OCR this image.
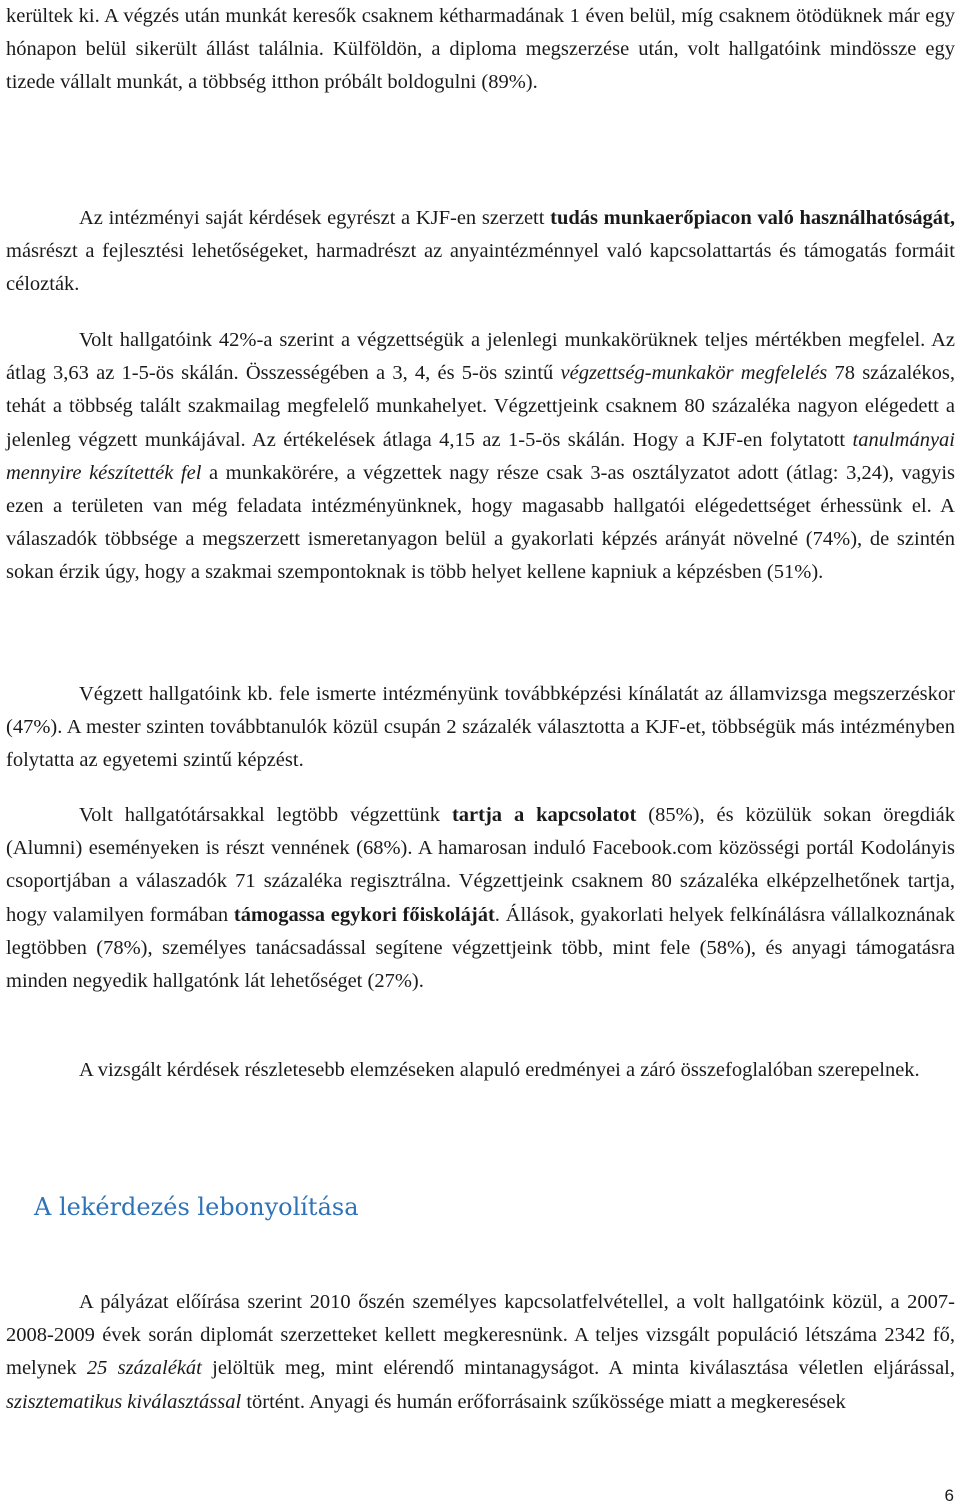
kerültek ki. A végzés után munkát keresők csaknem kétharmadának 1 éven belül, míg csaknem ötödüknek már egy hónapon belül sikerült állást találnia. Külföldön, a diploma megszerzése után, volt hallgatóink mindössze egy tizede vállalt munkát, a többség itthon próbált boldogulni (89%).

Az intézményi saját kérdések egyrészt a KJF-en szerzett tudás munkaerőpiacon való használhatóságát, másrészt a fejlesztési lehetőségeket, harmadrészt az anyaintézménnyel való kapcsolattartás és támogatás formáit célozták.

Volt hallgatóink 42%-a szerint a végzettségük a jelenlegi munkakörüknek teljes mértékben megfelel. Az átlag 3,63 az 1-5-ös skálán. Összességében a 3, 4, és 5-ös szintű végzettség-munkakör megfelelés 78 százalékos, tehát a többség talált szakmailag megfelelő munkahelyet. Végzettjeink csaknem 80 százaléka nagyon elégedett a jelenleg végzett munkájával. Az értékelések átlaga 4,15 az 1-5-ös skálán. Hogy a KJF-en folytatott tanulmányai mennyire készítették fel a munkakörére, a végzettek nagy része csak 3-as osztályzatot adott (átlag: 3,24), vagyis ezen a területen van még feladata intézményünknek, hogy magasabb hallgatói elégedettséget érhessünk el. A válaszadók többsége a megszerzett ismeretanyagon belül a gyakorlati képzés arányát növelné (74%), de szintén sokan érzik úgy, hogy a szakmai szempontoknak is több helyet kellene kapniuk a képzésben (51%).

Végzett hallgatóink kb. fele ismerte intézményünk továbbképzési kínálatát az államvizsga megszerzéskor (47%). A mester szinten továbbtanulók közül csupán 2 százalék választotta a KJF-et, többségük más intézményben folytatta az egyetemi szintű képzést.

Volt hallgatótársakkal legtöbb végzettünk tartja a kapcsolatot (85%), és közülük sokan öregdiák (Alumni) eseményeken is részt vennének (68%). A hamarosan induló Facebook.com közösségi portál Kodolányis csoportjában a válaszadók 71 százaléka regisztrálna. Végzettjeink csaknem 80 százaléka elképzelhetőnek tartja, hogy valamilyen formában támogassa egykori főiskoláját. Állások, gyakorlati helyek felkínálásra vállalkoznának legtöbben (78%), személyes tanácsadással segítene végzettjeink több, mint fele (58%), és anyagi támogatásra minden negyedik hallgatónk lát lehetőséget (27%).

A vizsgált kérdések részletesebb elemzéseken alapuló eredményei a záró összefoglalóban szerepelnek.

A lekérdezés lebonyolítása

A pályázat előírása szerint 2010 őszén személyes kapcsolatfelvétellel, a volt hallgatóink közül, a 2007-2008-2009 évek során diplomát szerzetteket kellett megkeresnünk. A teljes vizsgált populáció létszáma 2342 fő, melynek 25 százalékát jelöltük meg, mint elérendő mintanagyságot. A minta kiválasztása véletlen eljárással, szisztematikus kiválasztással történt. Anyagi és humán erőforrásaink szűkössége miatt a megkeresések

6
